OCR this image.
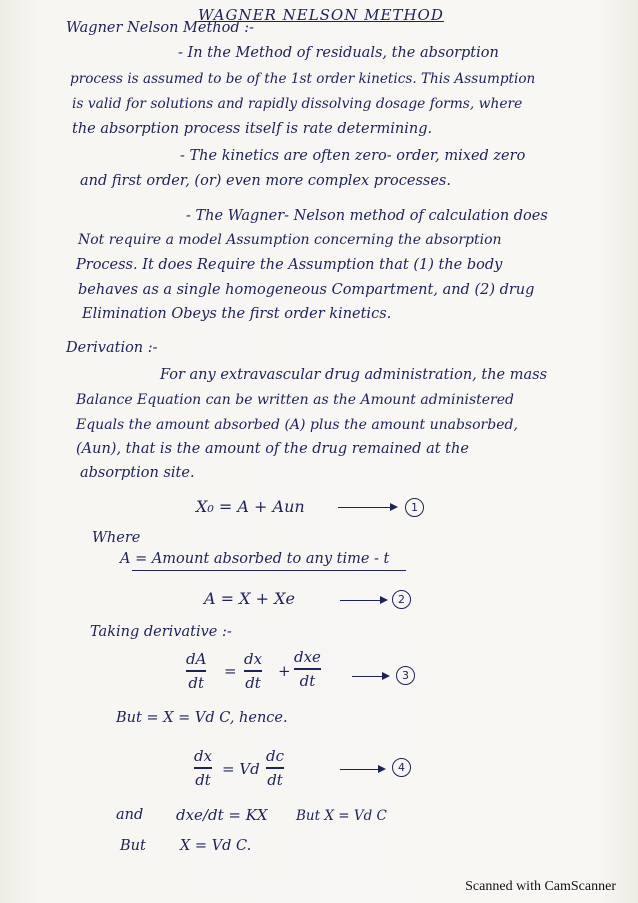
WAGNER NELSON METHOD
Wagner Nelson Method :-
- In the Method of residuals, the absorption
process is assumed to be of the 1st order kinetics. This Assumption
is valid for solutions and rapidly dissolving dosage forms, where
the absorption process itself is rate determining.
- The kinetics are often zero- order, mixed zero
and first order, (or) even more complex processes.
- The Wagner- Nelson method of calculation does
Not require a model Assumption concerning the absorption
Process. It does Require the Assumption that (1) the body
behaves as a single homogeneous Compartment, and (2) drug
Elimination Obeys the first order kinetics.
Derivation :-
For any extravascular drug administration, the mass
Balance Equation can be written as the Amount administered
Equals the amount absorbed (A) plus the amount unabsorbed,
(Aun), that is the amount of the drug remained at the
absorption site.
X₀ = A + Aun	1
Where
A = Amount absorbed to any time - t
A = X + Xe	2
Taking derivative :-
dA
dt
=
dx
dt
+
dxe
dt	3
But = X = Vd C, hence.
dx
dt
= Vd
dc
dt
4
and dxe/dt = KX But X = Vd C
But X = Vd C.
Scanned with CamScanner
